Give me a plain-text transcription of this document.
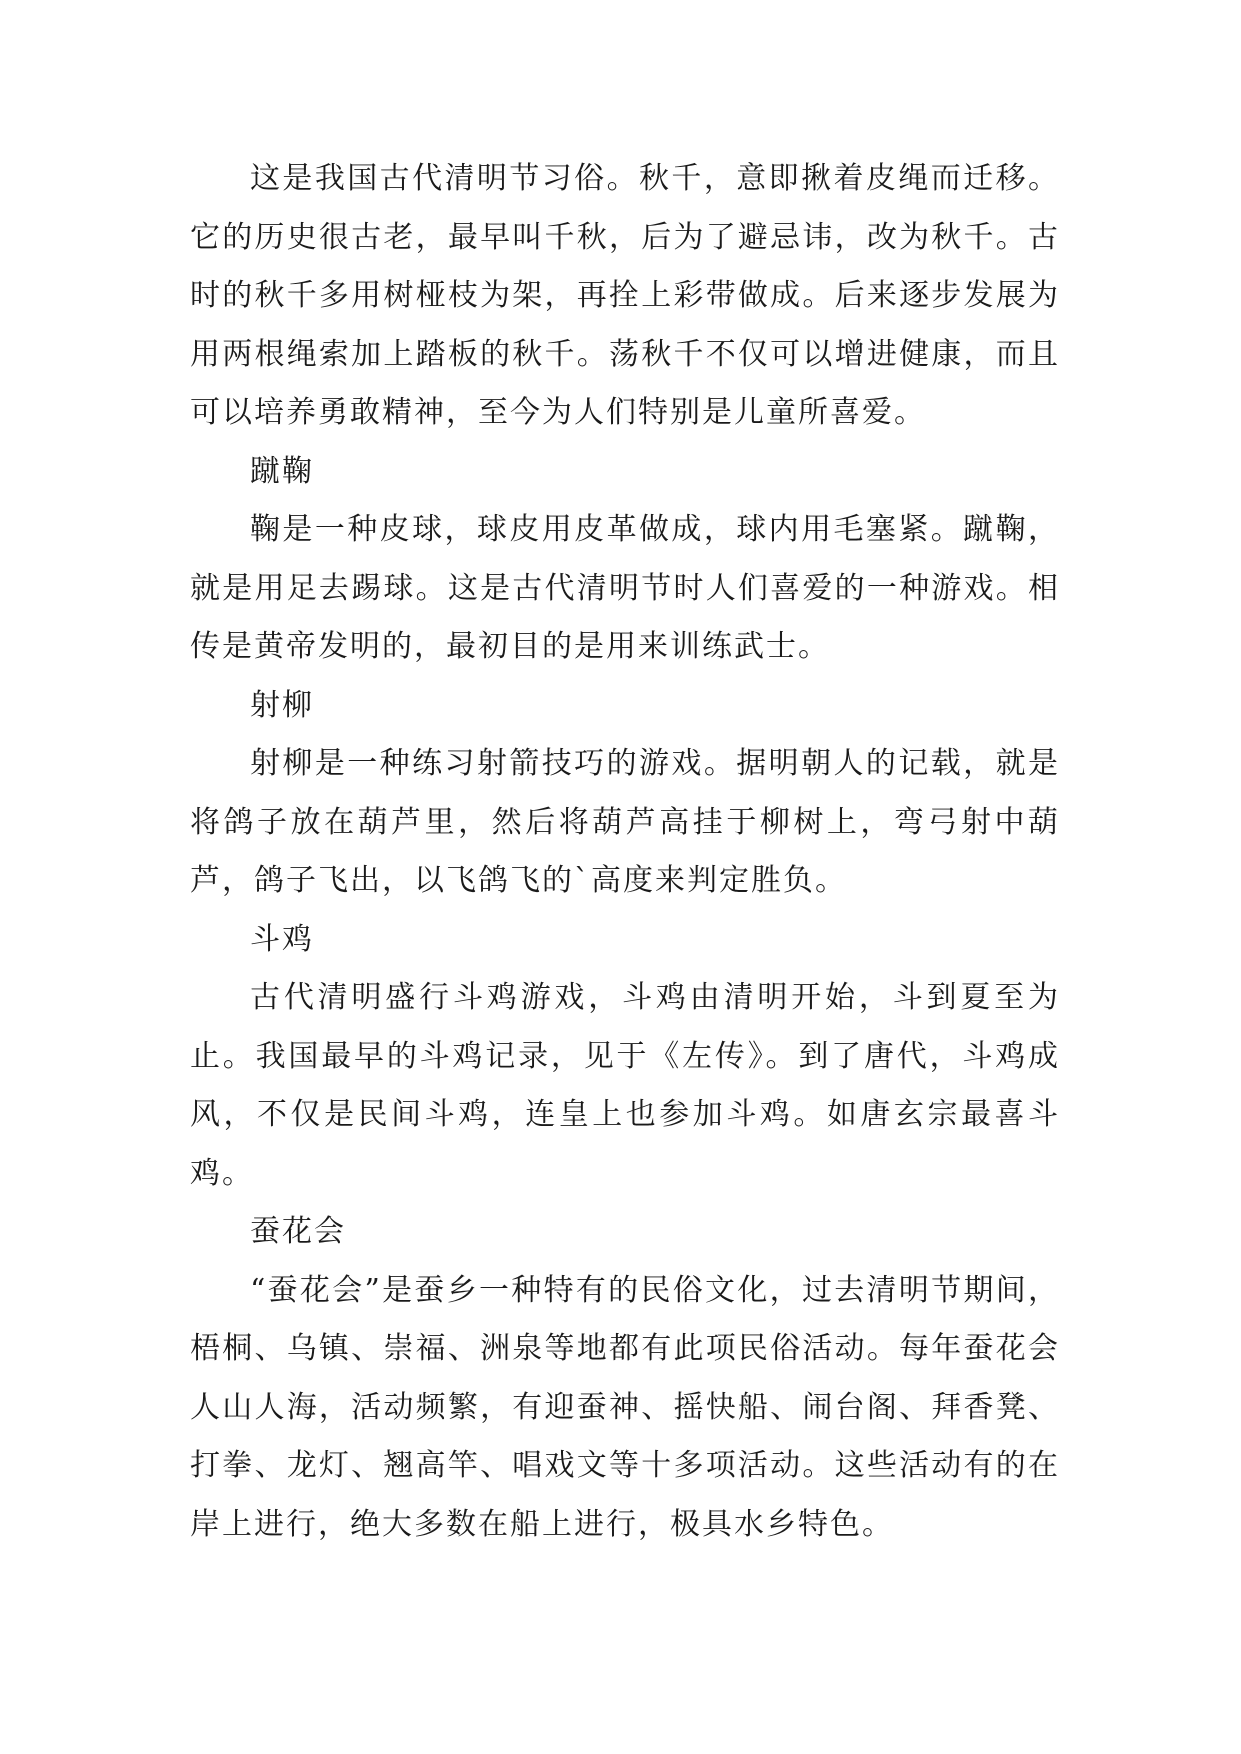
这是我国古代清明节习俗。秋千，意即揪着皮绳而迁移。它的历史很古老，最早叫千秋，后为了避忌讳，改为秋千。古时的秋千多用树桠枝为架，再拴上彩带做成。后来逐步发展为用两根绳索加上踏板的秋千。荡秋千不仅可以增进健康，而且可以培养勇敢精神，至今为人们特别是儿童所喜爱。

蹴鞠

鞠是一种皮球，球皮用皮革做成，球内用毛塞紧。蹴鞠，就是用足去踢球。这是古代清明节时人们喜爱的一种游戏。相传是黄帝发明的，最初目的是用来训练武士。

射柳

射柳是一种练习射箭技巧的游戏。据明朝人的记载，就是将鸽子放在葫芦里，然后将葫芦高挂于柳树上，弯弓射中葫芦，鸽子飞出，以飞鸽飞的`高度来判定胜负。

斗鸡

古代清明盛行斗鸡游戏，斗鸡由清明开始，斗到夏至为止。我国最早的斗鸡记录，见于《左传》。到了唐代，斗鸡成风，不仅是民间斗鸡，连皇上也参加斗鸡。如唐玄宗最喜斗鸡。

蚕花会

“蚕花会”是蚕乡一种特有的民俗文化，过去清明节期间，梧桐、乌镇、崇福、洲泉等地都有此项民俗活动。每年蚕花会人山人海，活动频繁，有迎蚕神、摇快船、闹台阁、拜香凳、打拳、龙灯、翘高竿、唱戏文等十多项活动。这些活动有的在岸上进行，绝大多数在船上进行，极具水乡特色。
